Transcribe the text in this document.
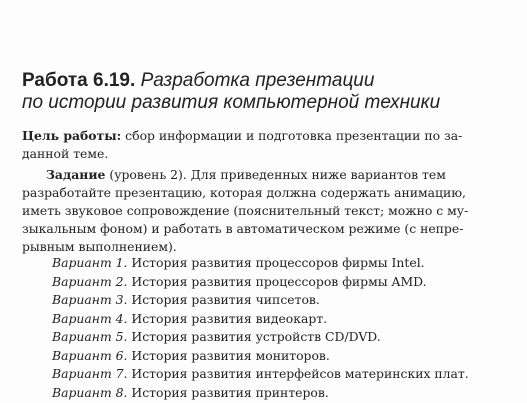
Работа 6.19. Разработка презентации
по истории развития компьютерной техники
Цель работы: сбор информации и подготовка презентации по за-
данной теме.
Задание (уровень 2). Для приведенных ниже вариантов тем
разработайте презентацию, которая должна содержать анимацию,
иметь звуковое сопровождение (пояснительный текст; можно с му-
зыкальным фоном) и работать в автоматическом режиме (с непре-
рывным выполнением).
Вариант 1. История развития процессоров фирмы Intel.
Вариант 2. История развития процессоров фирмы AMD.
Вариант 3. История развития чипсетов.
Вариант 4. История развития видеокарт.
Вариант 5. История развития устройств CD/DVD.
Вариант 6. История развития мониторов.
Вариант 7. История развития интерфейсов материнских плат.
Вариант 8. История развития принтеров.
